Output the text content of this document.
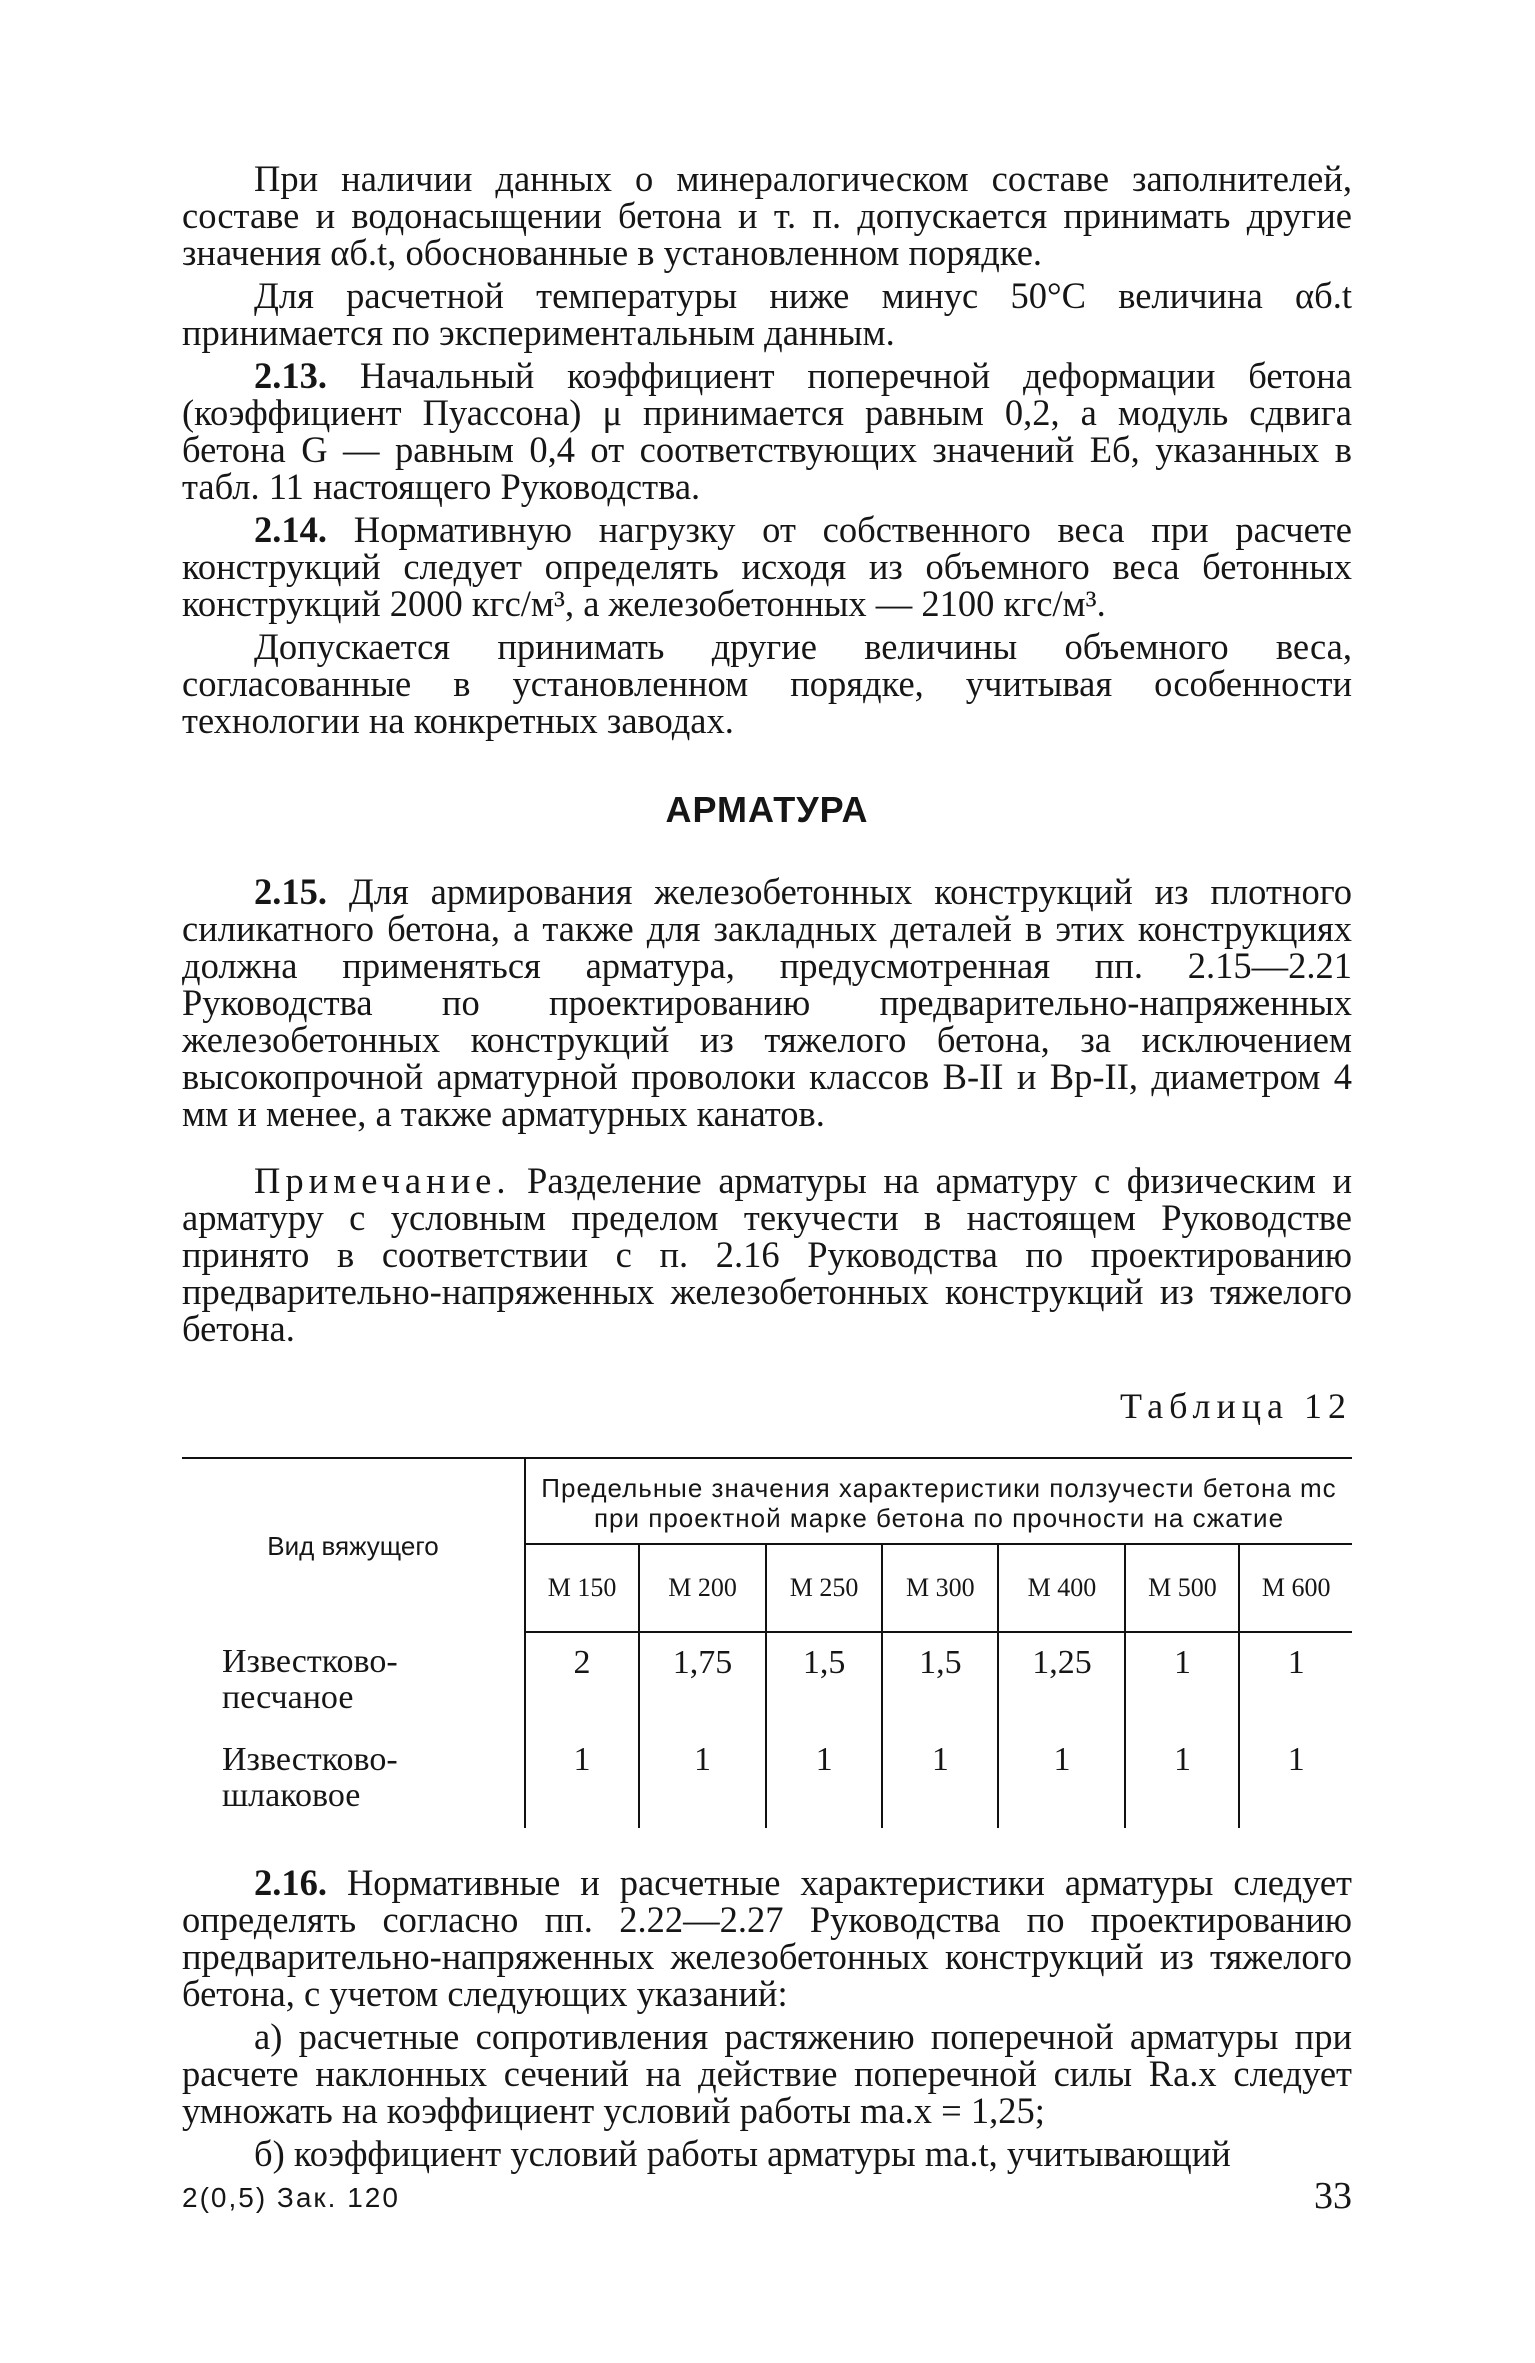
При наличии данных о минералогическом составе заполнителей, составе и водонасыщении бетона и т. п. допускается принимать другие значения αб.t, обоснованные в установленном порядке.

Для расчетной температуры ниже минус 50°С величина αб.t принимается по экспериментальным данным.

2.13. Начальный коэффициент поперечной деформации бетона (коэффициент Пуассона) μ принимается равным 0,2, а модуль сдвига бетона G — равным 0,4 от соответствующих значений Eб, указанных в табл. 11 настоящего Руководства.

2.14. Нормативную нагрузку от собственного веса при расчете конструкций следует определять исходя из объемного веса бетонных конструкций 2000 кгс/м³, а железобетонных — 2100 кгс/м³.

Допускается принимать другие величины объемного веса, согласованные в установленном порядке, учитывая особенности технологии на конкретных заводах.

АРМАТУРА

2.15. Для армирования железобетонных конструкций из плотного силикатного бетона, а также для закладных деталей в этих конструкциях должна применяться арматура, предусмотренная пп. 2.15—2.21 Руководства по проектированию предварительно-напряженных железобетонных конструкций из тяжелого бетона, за исключением высокопрочной арматурной проволоки классов В-II и Вр-II, диаметром 4 мм и менее, а также арматурных канатов.

Примечание. Разделение арматуры на арматуру с физическим и арматуру с условным пределом текучести в настоящем Руководстве принято в соответствии с п. 2.16 Руководства по проектированию предварительно-напряженных железобетонных конструкций из тяжелого бетона.

Таблица 12
Вид вяжущего	Предельные значения характеристики ползучести бетона mс при проектной марке бетона по прочности на сжатие						
	М 150	М 200	М 250	М 300	М 400	М 500	М 600
Известково-песчаное	2	1,75	1,5	1,5	1,25	1	1
Известково-шлаковое	1	1	1	1	1	1	1

2.16. Нормативные и расчетные характеристики арматуры следует определять согласно пп. 2.22—2.27 Руководства по проектированию предварительно-напряженных железобетонных конструкций из тяжелого бетона, с учетом следующих указаний:

а) расчетные сопротивления растяжению поперечной арматуры при расчете наклонных сечений на действие поперечной силы Rа.х следует умножать на коэффициент условий работы mа.х = 1,25;

б) коэффициент условий работы арматуры mа.t, учитывающий

2(0,5) Зак. 120	33
